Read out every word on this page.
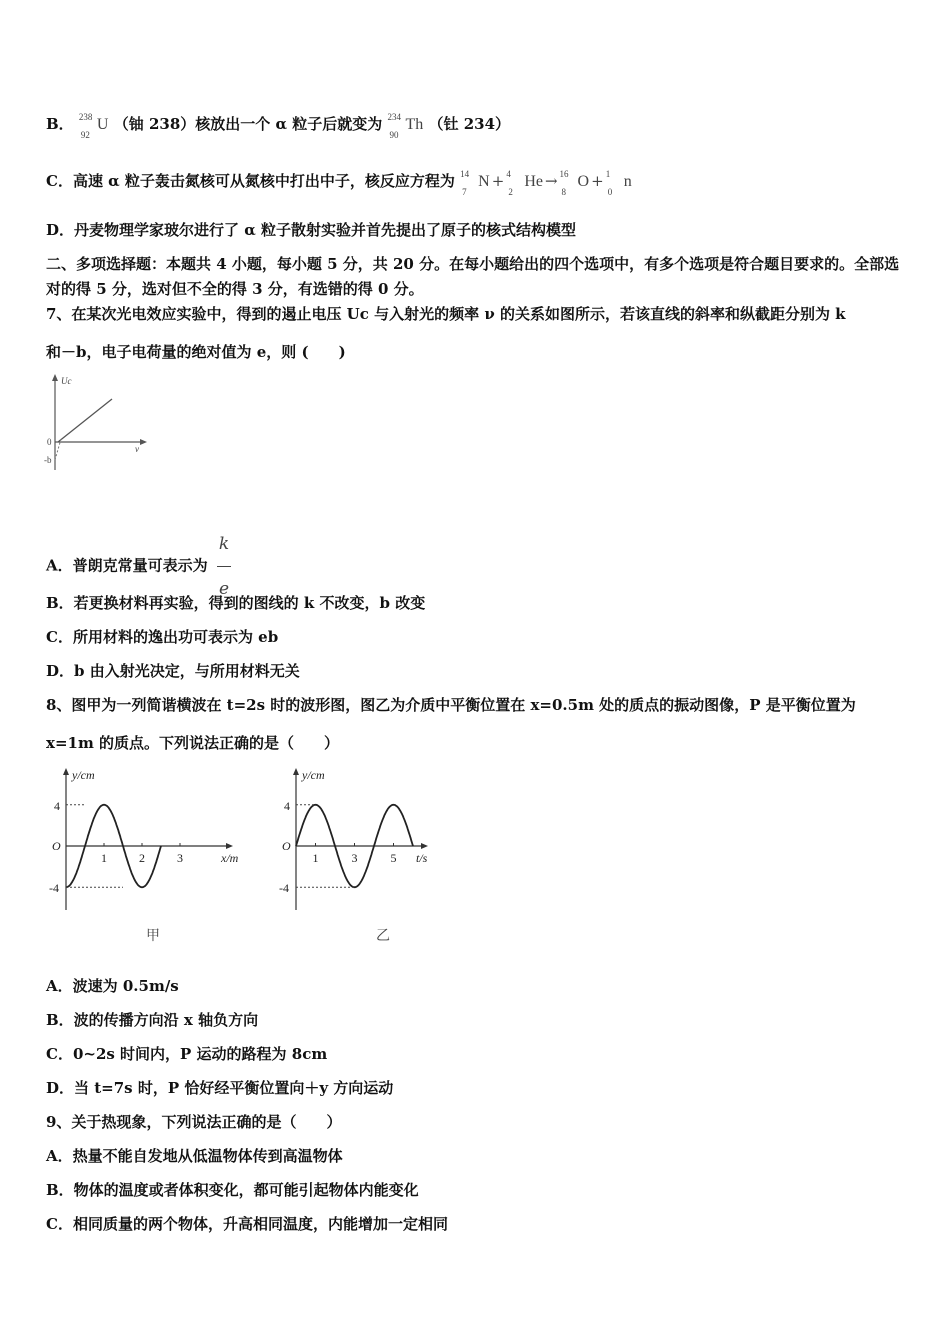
B． 238
92
U （铀 238）核放出一个 α 粒子后就变为 234
90
Th （钍 234）
C．高速 α 粒子轰击氮核可从氮核中打出中子，核反应方程为 14
7
N + 4
2
He → 16
8
O + 1
0
n
D．丹麦物理学家玻尔进行了 α 粒子散射实验并首先提出了原子的核式结构模型
二、多项选择题：本题共 4 小题，每小题 5 分，共 20 分。在每小题给出的四个选项中，有多个选项是符合题目要求的。全部选对的得 5 分，选对但不全的得 3 分，有选错的得 0 分。
7、在某次光电效应实验中，得到的遏止电压 Uc 与入射光的频率 ν 的关系如图所示，若该直线的斜率和纵截距分别为 k
和－b，电子电荷量的绝对值为 e，则 (　　)
Uc
ν
0
-b
A．普朗克常量可表示为 $\frac{k}{e}$
B．若更换材料再实验，得到的图线的 k 不改变，b 改变
C．所用材料的逸出功可表示为 eb
D．b 由入射光决定，与所用材料无关
8、图甲为一列简谐横波在 t=2s 时的波形图，图乙为介质中平衡位置在 x=0.5m 处的质点的振动图像，P 是平衡位置为
x=1m 的质点。下列说法正确的是（　　）
y/cm
4
O
-4
1	2	3	x/m
甲
y/cm
4
O
-4
1	3	5 t/s
乙
A．波速为 0.5m/s
B．波的传播方向沿 x 轴负方向
C．0~2s 时间内，P 运动的路程为 8cm
D．当 t=7s 时，P 恰好经平衡位置向＋y 方向运动
9、关于热现象，下列说法正确的是（　　）
A．热量不能自发地从低温物体传到高温物体
B．物体的温度或者体积变化，都可能引起物体内能变化
C．相同质量的两个物体，升高相同温度，内能增加一定相同
